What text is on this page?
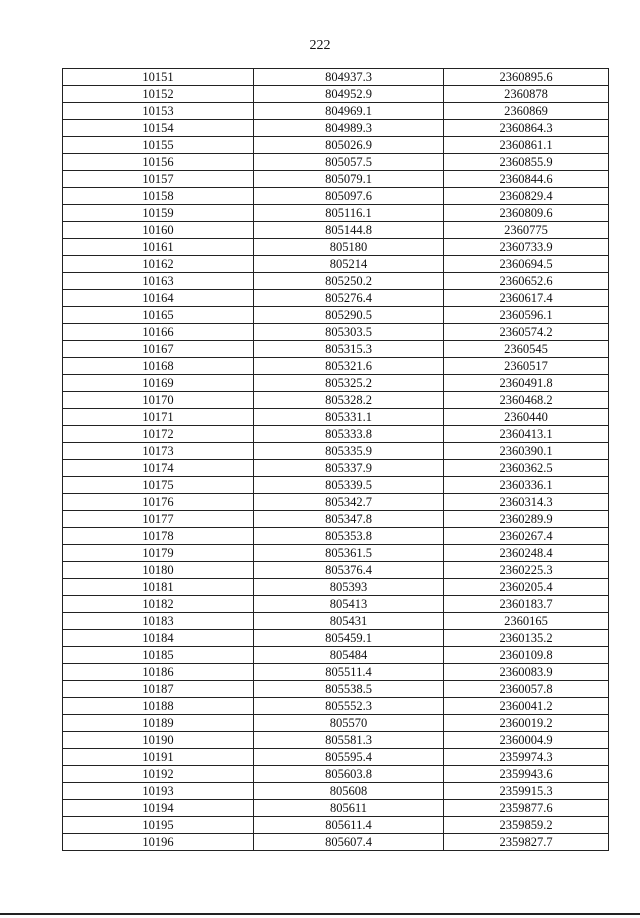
222
10151	804937.3	2360895.6
10152	804952.9	2360878
10153	804969.1	2360869
10154	804989.3	2360864.3
10155	805026.9	2360861.1
10156	805057.5	2360855.9
10157	805079.1	2360844.6
10158	805097.6	2360829.4
10159	805116.1	2360809.6
10160	805144.8	2360775
10161	805180	2360733.9
10162	805214	2360694.5
10163	805250.2	2360652.6
10164	805276.4	2360617.4
10165	805290.5	2360596.1
10166	805303.5	2360574.2
10167	805315.3	2360545
10168	805321.6	2360517
10169	805325.2	2360491.8
10170	805328.2	2360468.2
10171	805331.1	2360440
10172	805333.8	2360413.1
10173	805335.9	2360390.1
10174	805337.9	2360362.5
10175	805339.5	2360336.1
10176	805342.7	2360314.3
10177	805347.8	2360289.9
10178	805353.8	2360267.4
10179	805361.5	2360248.4
10180	805376.4	2360225.3
10181	805393	2360205.4
10182	805413	2360183.7
10183	805431	2360165
10184	805459.1	2360135.2
10185	805484	2360109.8
10186	805511.4	2360083.9
10187	805538.5	2360057.8
10188	805552.3	2360041.2
10189	805570	2360019.2
10190	805581.3	2360004.9
10191	805595.4	2359974.3
10192	805603.8	2359943.6
10193	805608	2359915.3
10194	805611	2359877.6
10195	805611.4	2359859.2
10196	805607.4	2359827.7
